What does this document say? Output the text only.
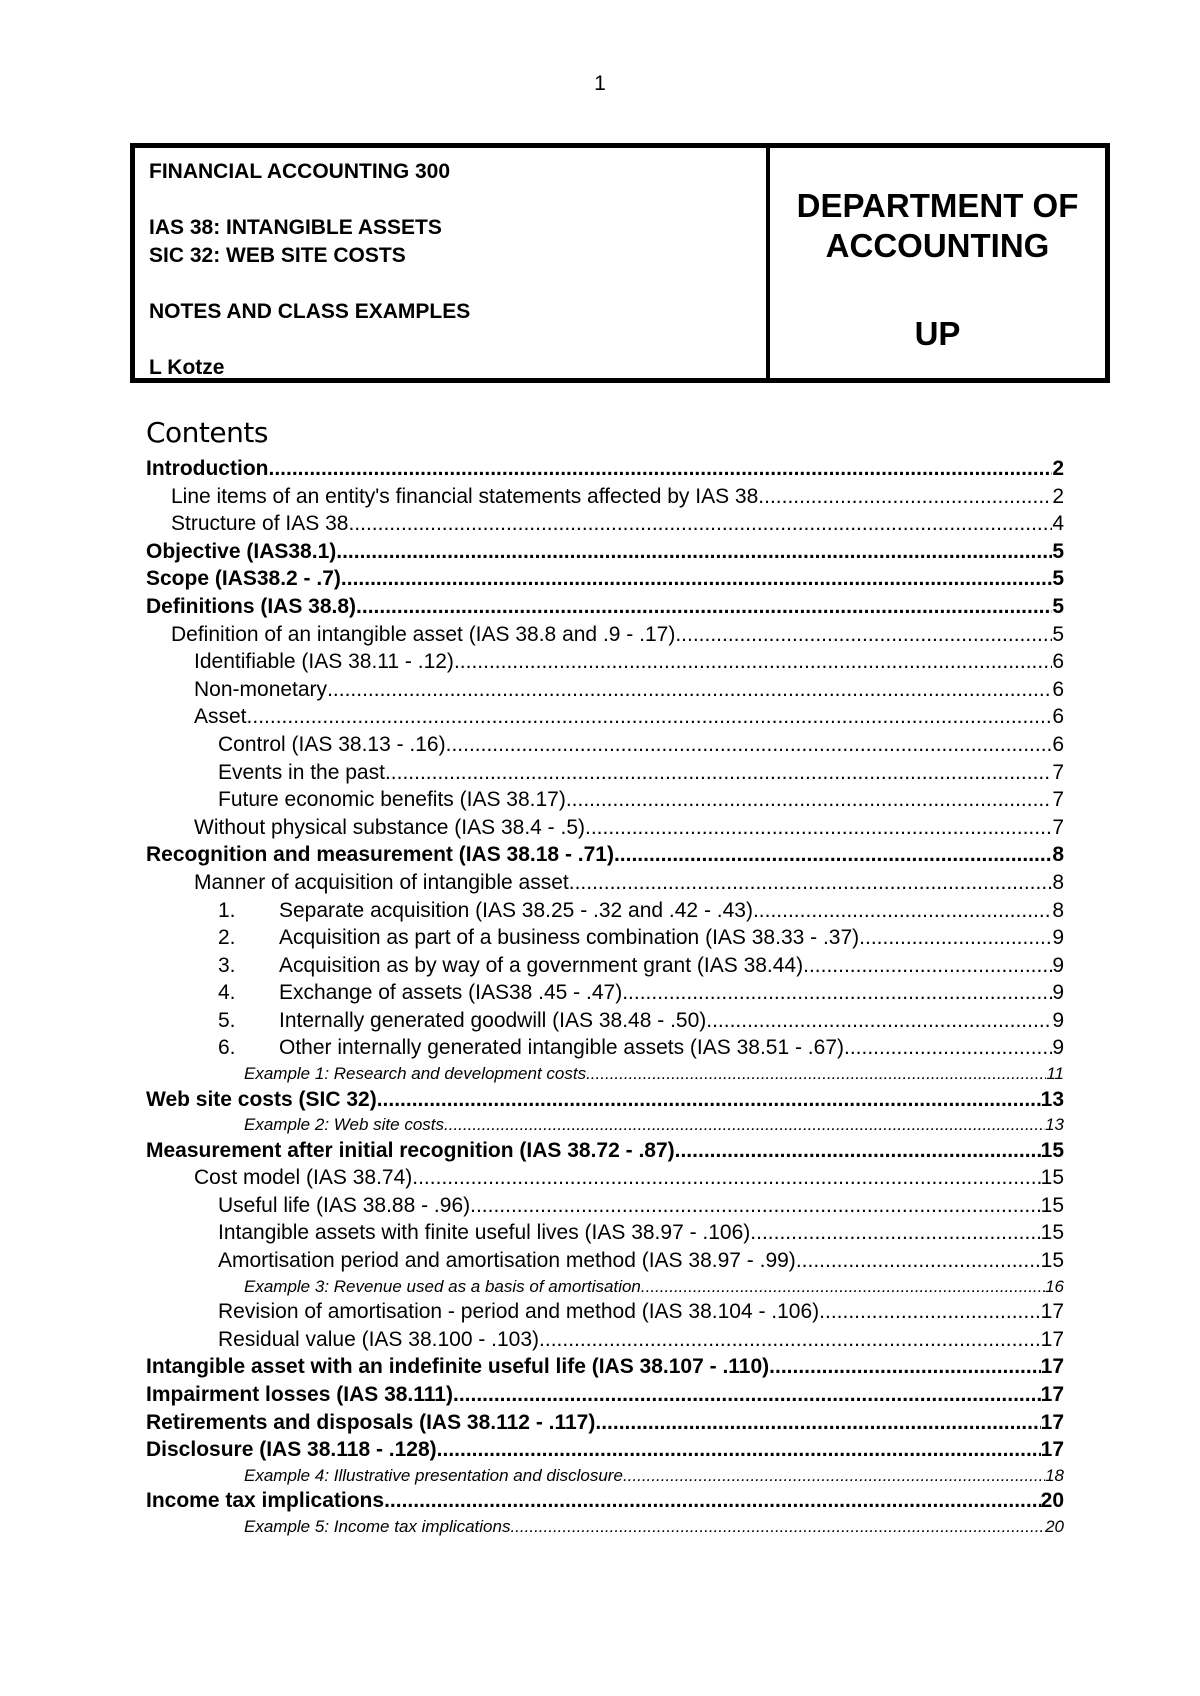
1
FINANCIAL ACCOUNTING 300
IAS 38: INTANGIBLE ASSETS
SIC 32: WEB SITE COSTS
NOTES AND CLASS EXAMPLES
L Kotze
DEPARTMENT OF
ACCOUNTING
UP
Contents
Introduction .....	2
Line items of an entity's financial statements affected by IAS 38 .....	2
Structure of IAS 38 .....	4
Objective (IAS38.1) .....	5
Scope (IAS38.2 - .7) .....	5
Definitions (IAS 38.8) .....	5
Definition of an intangible asset (IAS 38.8 and .9 - .17) .....	5
Identifiable (IAS 38.11 - .12) .....	6
Non-monetary .....	6
Asset .....	6
Control (IAS 38.13 - .16) .....	6
Events in the past .....	7
Future economic benefits (IAS 38.17) .....	7
Without physical substance (IAS 38.4 - .5) .....	7
Recognition and measurement (IAS 38.18 - .71) .....	8
Manner of acquisition of intangible asset .....	8
1. Separate acquisition (IAS 38.25 - .32 and .42 - .43) .....	8
2. Acquisition as part of a business combination (IAS 38.33 - .37) .....	9
3. Acquisition as by way of a government grant (IAS 38.44) .....	9
4. Exchange of assets (IAS38 .45 - .47) .....	9
5. Internally generated goodwill (IAS 38.48 - .50) .....	9
6. Other internally generated intangible assets (IAS 38.51 - .67) .....	9
Example 1: Research and development costs .....	11
Web site costs (SIC 32) .....	13
Example 2: Web site costs .....	13
Measurement after initial recognition (IAS 38.72 - .87) .....	15
Cost model (IAS 38.74) .....	15
Useful life (IAS 38.88 - .96) .....	15
Intangible assets with finite useful lives (IAS 38.97 - .106) .....	15
Amortisation period and amortisation method (IAS 38.97 - .99) .....	15
Example 3: Revenue used as a basis of amortisation .....	16
Revision of amortisation - period and method (IAS 38.104 - .106) .....	17
Residual value (IAS 38.100 - .103) .....	17
Intangible asset with an indefinite useful life (IAS 38.107 - .110) .....	17
Impairment losses (IAS 38.111) .....	17
Retirements and disposals (IAS 38.112 - .117) .....	17
Disclosure (IAS 38.118 - .128) .....	17
Example 4: Illustrative presentation and disclosure .....	18
Income tax implications .....	20
Example 5: Income tax implications .....	20
